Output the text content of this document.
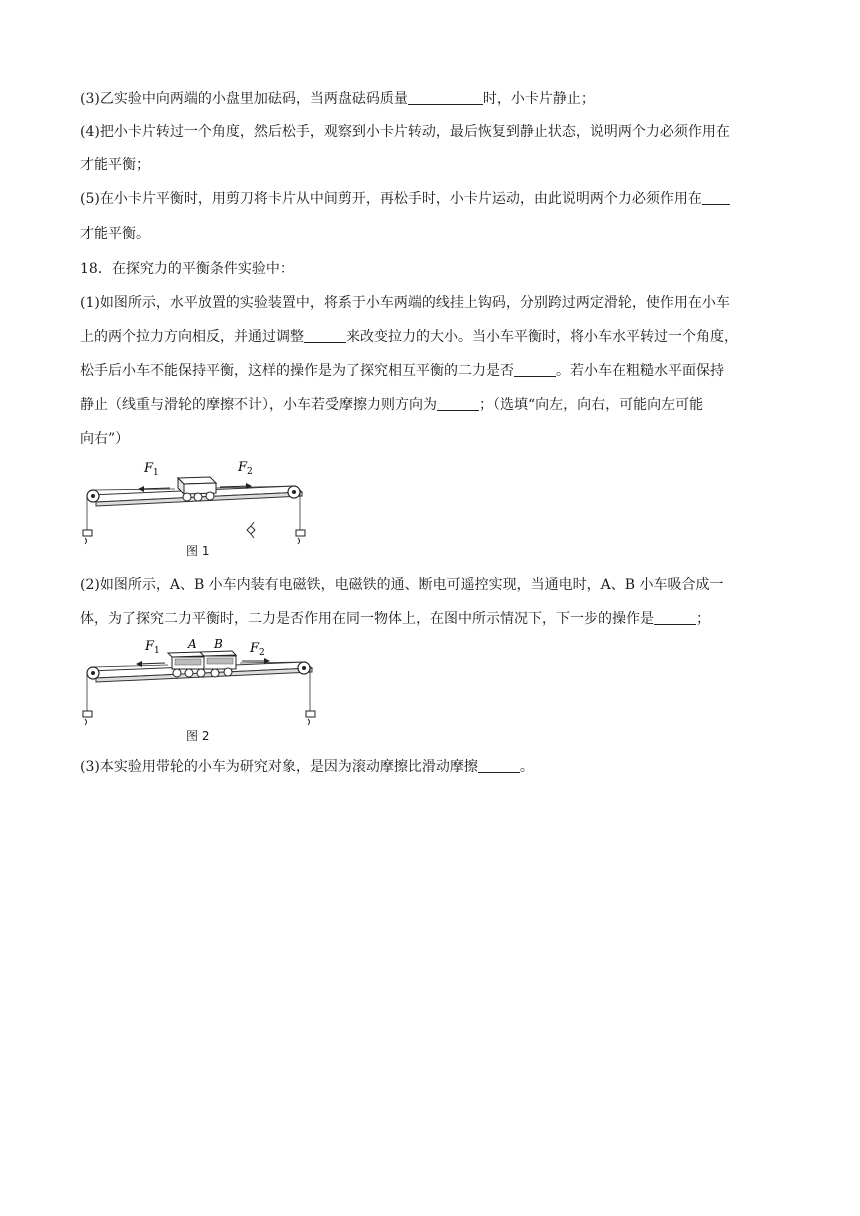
(3)乙实验中向两端的小盘里加砝码，当两盘砝码质量	时，小卡片静止；
(4)把小卡片转过一个角度，然后松手，观察到小卡片转动，最后恢复到静止状态，说明两个力必须作用在
才能平衡；
(5)在小卡片平衡时，用剪刀将卡片从中间剪开，再松手时，小卡片运动，由此说明两个力必须作用在
才能平衡。
18．在探究力的平衡条件实验中：
(1)如图所示，水平放置的实验装置中，将系于小车两端的线挂上钩码，分别跨过两定滑轮，使作用在小车
上的两个拉力方向相反，并通过调整	来改变拉力的大小。当小车平衡时，将小车水平转过一个角度，
松手后小车不能保持平衡，这样的操作是为了探究相互平衡的二力是否	。若小车在粗糙水平面保持
静止（线重与滑轮的摩擦不计），小车若受摩擦力则方向为	；（选填“向左，向右，可能向左可能
向右”）
F 1	F 2
图 1
(2)如图所示，A、B 小车内装有电磁铁，电磁铁的通、断电可遥控实现，当通电时，A、B 小车吸合成一
体，为了探究二力平衡时，二力是否作用在同一物体上，在图中所示情况下，下一步的操作是	；
F 1 A B F 2
图 2
(3)本实验用带轮的小车为研究对象，是因为滚动摩擦比滑动摩擦	。
